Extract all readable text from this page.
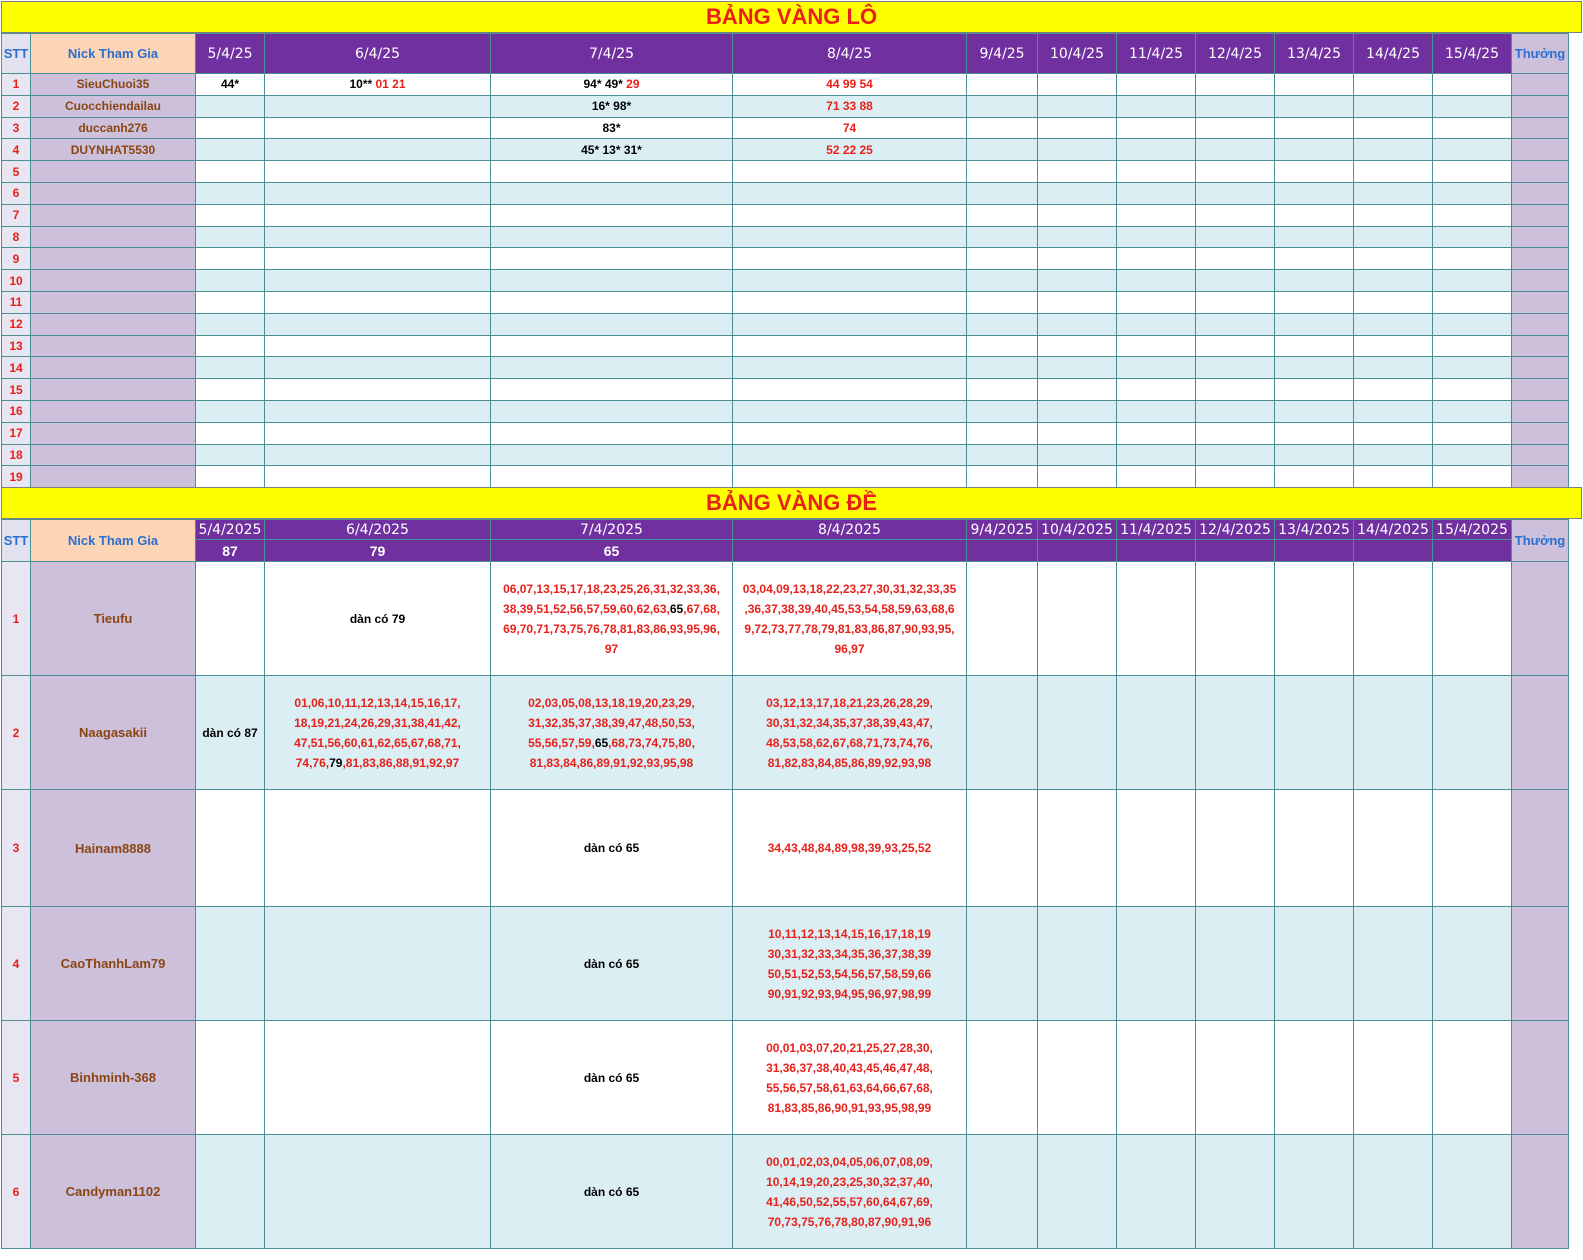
BẢNG VÀNG LÔ
STT	Nick Tham Gia	5/4/25	6/4/25	7/4/25	8/4/25	9/4/25	10/4/25	11/4/25	12/4/25	13/4/25	14/4/25	15/4/25	Thưởng
1	SieuChuoi35	44*	10** 01 21	94* 49* 29	44 99 54								
2	Cuocchiendailau			16* 98*	71 33 88								
3	duccanh276			83*	74								
4	DUYNHAT5530			45* 13* 31*	52 22 25								
5													
6													
7													
8													
9													
10													
11													
12													
13													
14													
15													
16													
17													
18													
19													
BẢNG VÀNG ĐỀ
STT	Nick Tham Gia	5/4/2025	6/4/2025	7/4/2025	8/4/2025	9/4/2025	10/4/2025	11/4/2025	12/4/2025	13/4/2025	14/4/2025	15/4/2025	Thưởng
		87	79	65									
1	Tieufu		dàn có 79	06,07,13,15,17,18,23,25,26,31,32,33,36,
38,39,51,52,56,57,59,60,62,63,65,67,68,
69,70,71,73,75,76,78,81,83,86,93,95,96,
97	03,04,09,13,18,22,23,27,30,31,32,33,35
,36,37,38,39,40,45,53,54,58,59,63,68,6
9,72,73,77,78,79,81,83,86,87,90,93,95,
96,97								
2	Naagasakii	dàn có 87	01,06,10,11,12,13,14,15,16,17,
18,19,21,24,26,29,31,38,41,42,
47,51,56,60,61,62,65,67,68,71,
74,76,79,81,83,86,88,91,92,97	02,03,05,08,13,18,19,20,23,29,
31,32,35,37,38,39,47,48,50,53,
55,56,57,59,65,68,73,74,75,80,
81,83,84,86,89,91,92,93,95,98	03,12,13,17,18,21,23,26,28,29,
30,31,32,34,35,37,38,39,43,47,
48,53,58,62,67,68,71,73,74,76,
81,82,83,84,85,86,89,92,93,98								
3	Hainam8888			dàn có 65	34,43,48,84,89,98,39,93,25,52								
4	CaoThanhLam79			dàn có 65	10,11,12,13,14,15,16,17,18,19
30,31,32,33,34,35,36,37,38,39
50,51,52,53,54,56,57,58,59,66
90,91,92,93,94,95,96,97,98,99								
5	Binhminh-368			dàn có 65	00,01,03,07,20,21,25,27,28,30,
31,36,37,38,40,43,45,46,47,48,
55,56,57,58,61,63,64,66,67,68,
81,83,85,86,90,91,93,95,98,99								
6	Candyman1102			dàn có 65	00,01,02,03,04,05,06,07,08,09,
10,14,19,20,23,25,30,32,37,40,
41,46,50,52,55,57,60,64,67,69,
70,73,75,76,78,80,87,90,91,96								
